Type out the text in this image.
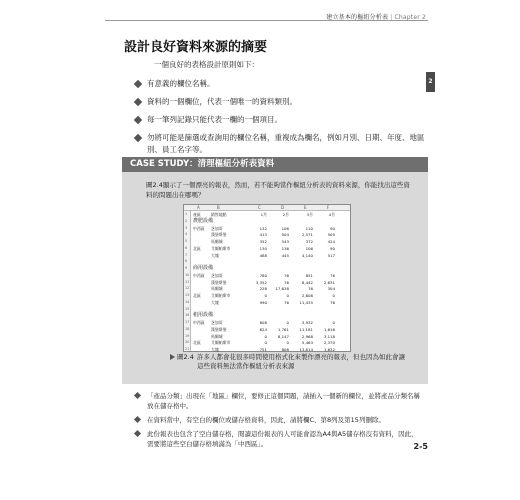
建立基本的樞紐分析表 | Chapter 2
2
設計良好資料來源的摘要
一個良好的表格設計原則如下：
有意義的欄位名稱。
資料的一個欄位，代表一個唯一的資料類別。
每一筆列記錄只能代表一欄的一個項目。
勿將可能是篩選或查詢用的欄位名稱，重複成為欄名，例如月別、日期、年度、地區別、員工名字等。
CASE STUDY：清理樞紐分析表資料
圖2.4顯示了一個漂亮的報表，然而，若不能夠當作樞紐分析表的資料來源，你能找出這些資料的問題出在哪嗎？
A	B	C	D	E	F
1	產區	銷售地點	1月	2月	3月	4月
2	農肥設備
3	中西區 芝加哥	132	106	110	90
4	漢堡斯堡	413	504	2,571	505
5	馬爾城	352	543	372	424
6	北區	艾爾帕斯市	130	136	106	90
7	大塊	488	445	4,140	517
8
9	商用設備
10 中西區 芝加哥	780	76	851	76
11	漢堡斯堡	3,352	76	8,442	2,831
12	馬爾城	228	17,628	76	304
13 北區	艾爾帕斯市	0	0	2,608	0
14	大塊	990	76	11,435	76
15
16 租用設備
17 中西區 芝加哥	808	0	3,932	0
18	漢堡斯堡	824	1,761	11,181	1,616
19	馬爾城	0	8,147	2,968	3,118
20 北區	艾爾帕斯市	0	0	5,463	2,370
21	大塊	751	808	13,814	1,632
圖2.4 許多人都會花很多時間使用格式化來製作漂亮的報表，但也因為如此會讓這些資料無法當作樞紐分析表來源
「產品分類」出現在「地區」欄位，要修正這個問題，請插入一個新的欄位，並將產品分類名稱放在儲存格中。
在資料當中，有空白的欄位或儲存格資料，因此，請將欄C、第8列及第15列刪除。
此份報表也包含了空白儲存格，閱讀這份報表的人可能會認為A4與A5儲存格沒有資料，因此，需要將這些空白儲存格填滿為「中西區」。	2-5
